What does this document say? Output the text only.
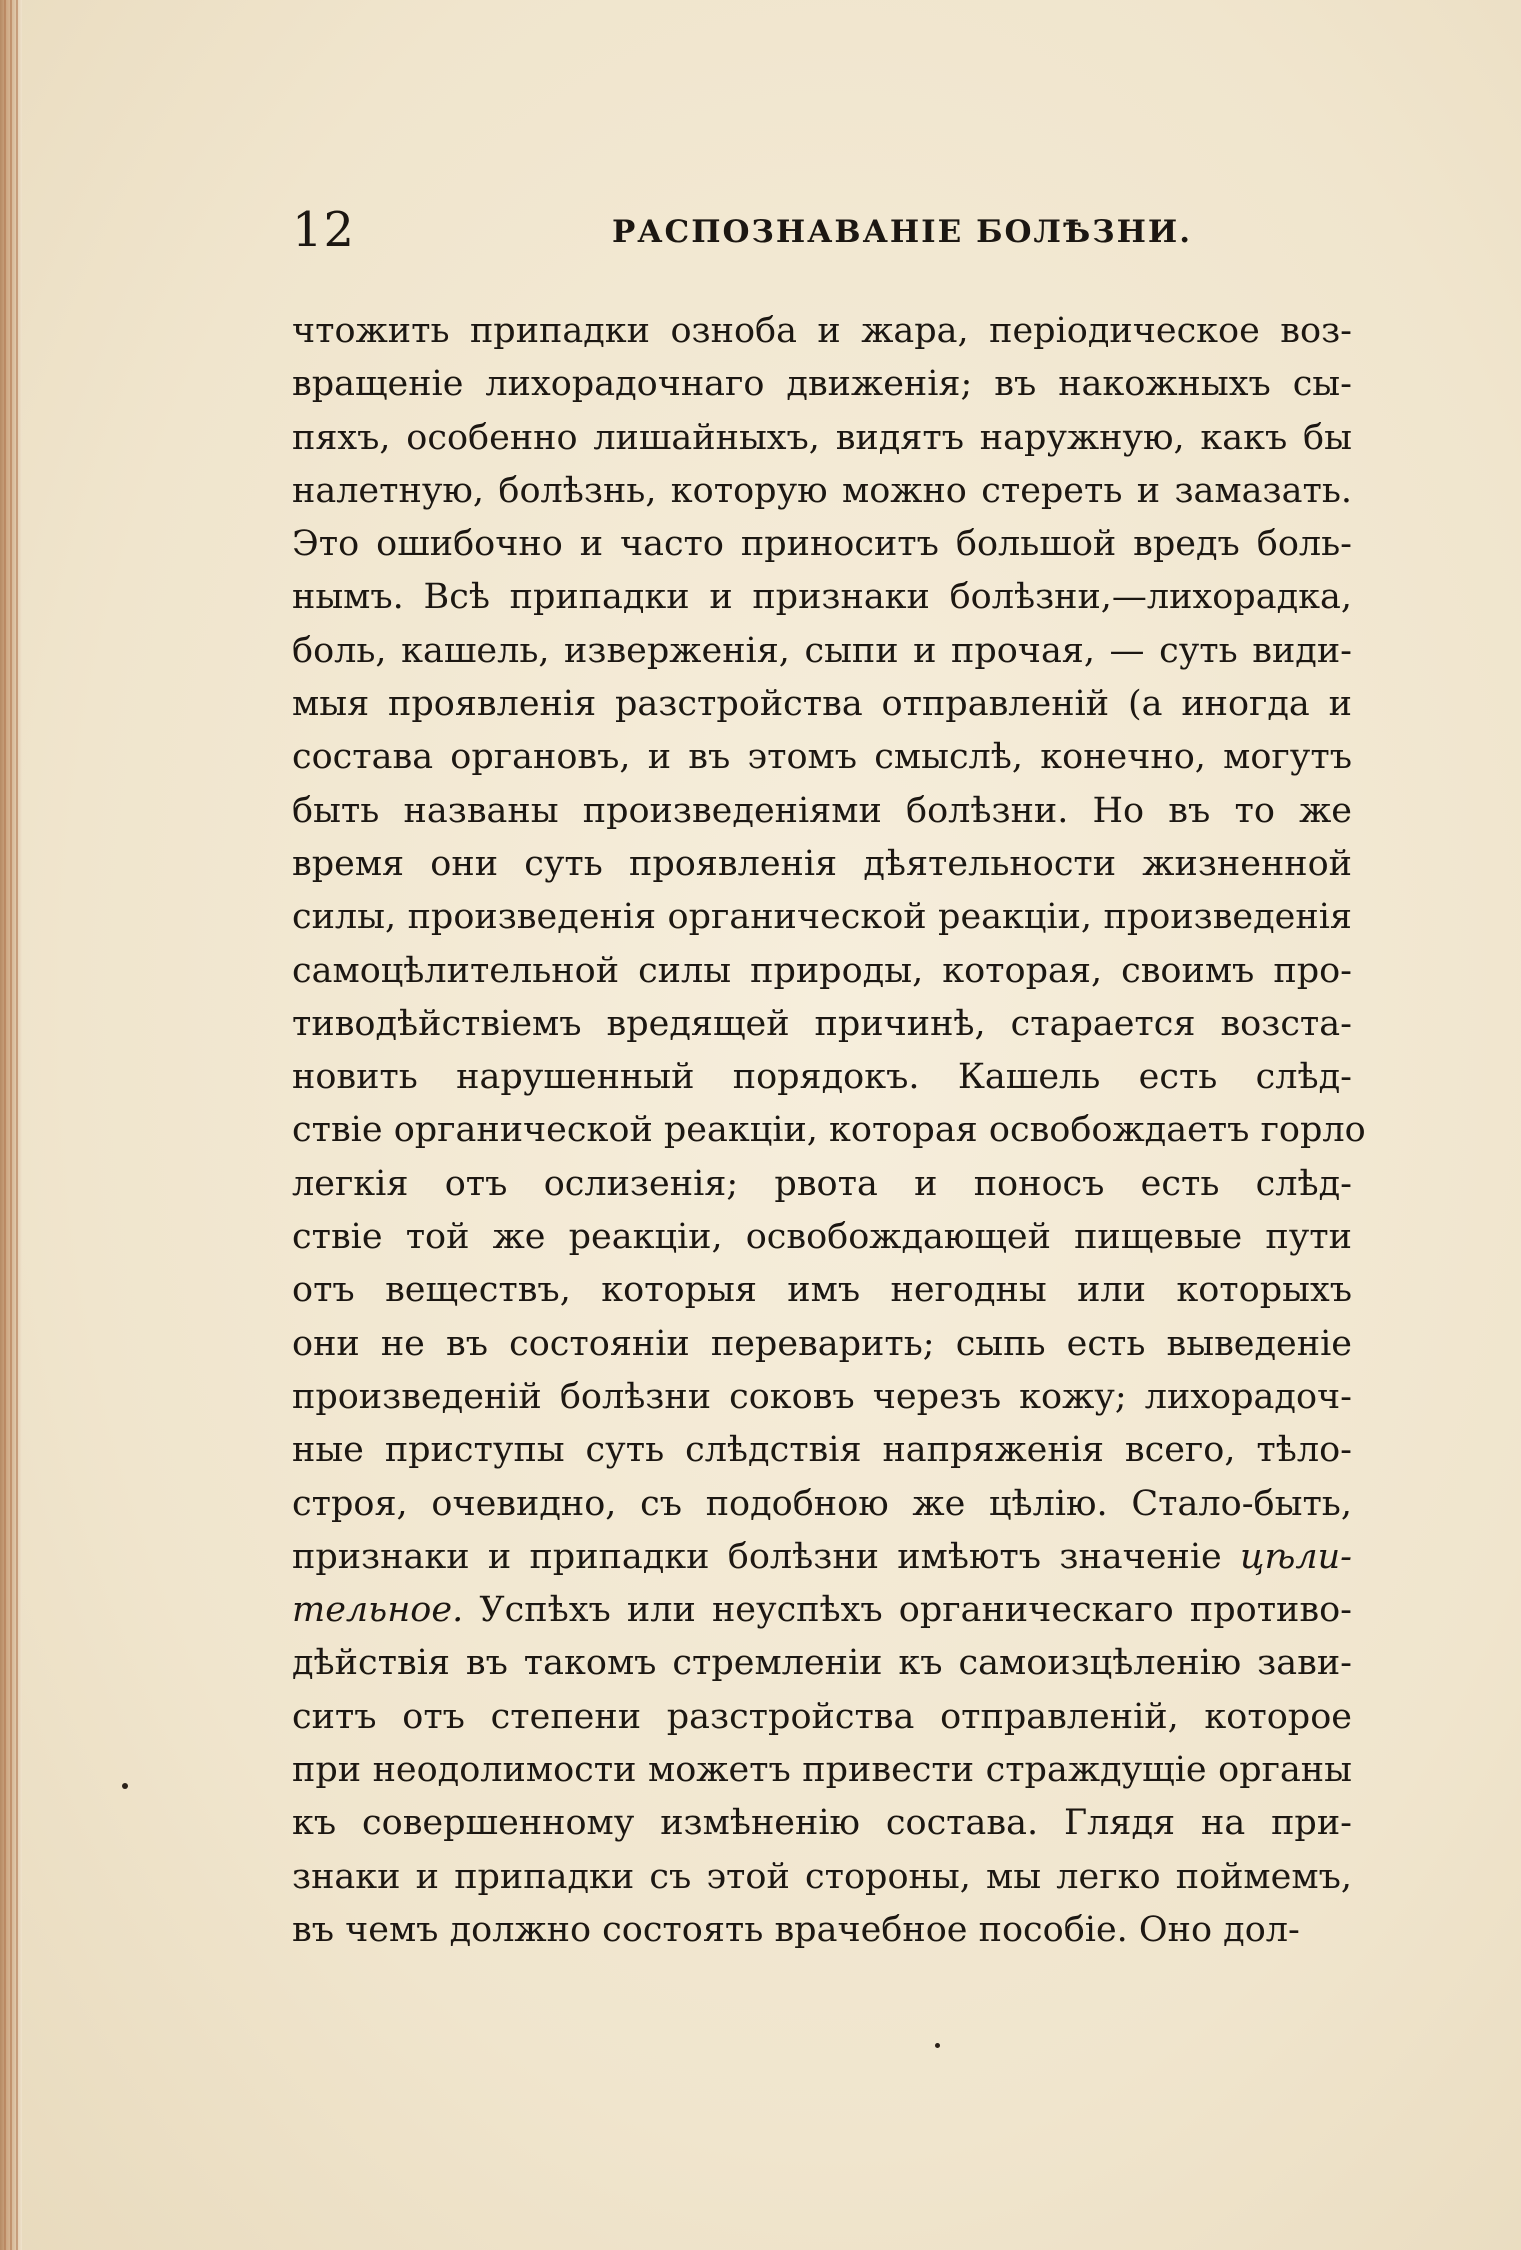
12	РАСПОЗНАВАНІЕ БОЛѢЗНИ.
чтожить припадки озноба и жара, періодическое воз-
вращеніе лихорадочнаго движенія; въ накожныхъ сы-
пяхъ, особенно лишайныхъ, видятъ наружную, какъ бы
налетную, болѣзнь, которую можно стереть и замазать.
Это ошибочно и часто приноситъ большой вредъ боль-
нымъ. Всѣ припадки и признаки болѣзни,—лихорадка,
боль, кашель, изверженія, сыпи и прочая, — суть види-
мыя проявленія разстройства отправленій (а иногда и
состава органовъ, и въ этомъ смыслѣ, конечно, могутъ
быть названы произведеніями болѣзни. Но въ то же
время они суть проявленія дѣятельности жизненной
силы, произведенія органической реакціи, произведенія
самоцѣлительной силы природы, которая, своимъ про-
тиводѣйствіемъ вредящей причинѣ, старается возста-
новить нарушенный порядокъ. Кашель есть слѣд-
ствіе органической реакціи, которая освобождаетъ горло
легкія отъ ослизенія; рвота и поносъ есть слѣд-
ствіе той же реакціи, освобождающей пищевые пути
отъ веществъ, которыя имъ негодны или которыхъ
они не въ состояніи переварить; сыпь есть выведеніе
произведеній болѣзни соковъ черезъ кожу; лихорадоч-
ные приступы суть слѣдствія напряженія всего, тѣло-
строя, очевидно, съ подобною же цѣлію. Стало-быть,
признаки и припадки болѣзни имѣютъ значеніе цѣли-
тельное. Успѣхъ или неуспѣхъ органическаго противо-
дѣйствія въ такомъ стремленіи къ самоизцѣленію зави-
ситъ отъ степени разстройства отправленій, которое
при неодолимости можетъ привести страждущіе органы
къ совершенному измѣненію состава. Глядя на при-
знаки и припадки съ этой стороны, мы легко поймемъ,
въ чемъ должно состоять врачебное пособіе. Оно дол-
